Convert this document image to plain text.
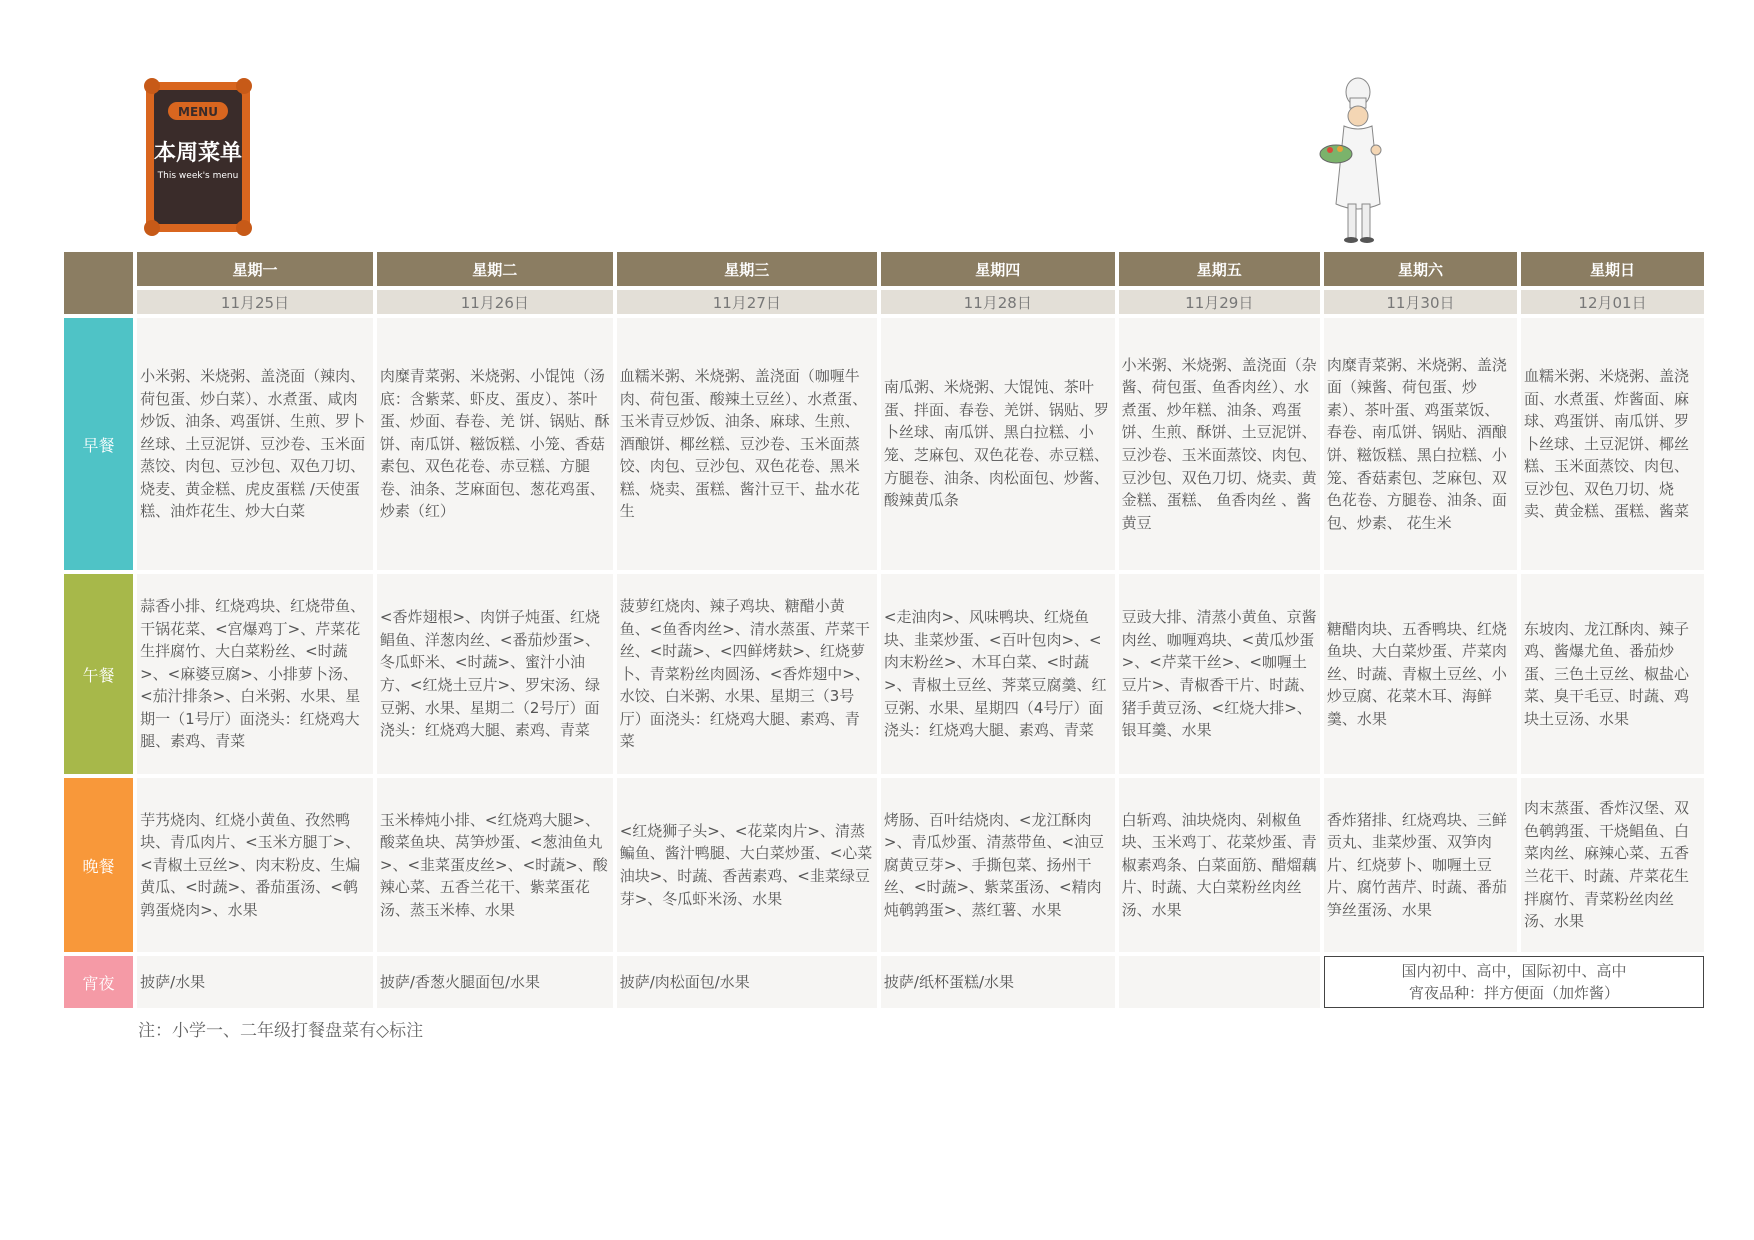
MENU
本周菜单
This week's menu
	星期一	星期二	星期三	星期四	星期五	星期六	星期日
	11月25日	11月26日	11月27日	11月28日	11月29日	11月30日	12月01日
早餐	小米粥、米烧粥、盖浇面（辣肉、荷包蛋、炒白菜）、水煮蛋、咸肉炒饭、油条、鸡蛋饼、生煎、罗卜丝球、土豆泥饼、豆沙卷、玉米面蒸饺、肉包、豆沙包、双色刀切、烧麦、黄金糕、虎皮蛋糕 /天使蛋糕、油炸花生、炒大白菜	肉糜青菜粥、米烧粥、小馄饨（汤底：含紫菜、虾皮、蛋皮）、茶叶蛋、炒面、春卷、羌 饼、锅贴、酥饼、南瓜饼、糍饭糕、小笼、香菇素包、双色花卷、赤豆糕、方腿卷、油条、芝麻面包、葱花鸡蛋、炒素（红）	血糯米粥、米烧粥、盖浇面（咖喱牛肉、荷包蛋、酸辣土豆丝）、水煮蛋、玉米青豆炒饭、油条、麻球、生煎、酒酿饼、椰丝糕、豆沙卷、玉米面蒸饺、肉包、豆沙包、双色花卷、黑米糕、烧卖、蛋糕、酱汁豆干、盐水花生	南瓜粥、米烧粥、大馄饨、茶叶蛋、拌面、春卷、羌饼、锅贴、罗卜丝球、南瓜饼、黑白拉糕、小笼、芝麻包、双色花卷、赤豆糕、方腿卷、油条、肉松面包、炒酱、酸辣黄瓜条	小米粥、米烧粥、盖浇面（杂酱、荷包蛋、鱼香肉丝）、水煮蛋、炒年糕、油条、鸡蛋饼、生煎、酥饼、土豆泥饼、豆沙卷、玉米面蒸饺、肉包、豆沙包、双色刀切、烧卖、黄金糕、蛋糕、 鱼香肉丝 、酱黄豆	肉糜青菜粥、米烧粥、盖浇面（辣酱、荷包蛋、炒素）、茶叶蛋、鸡蛋菜饭、春卷、南瓜饼、锅贴、酒酿饼、糍饭糕、黑白拉糕、小笼、香菇素包、芝麻包、双色花卷、方腿卷、油条、面包、炒素、 花生米	血糯米粥、米烧粥、盖浇面、水煮蛋、炸酱面、麻球、鸡蛋饼、南瓜饼、罗卜丝球、土豆泥饼、椰丝糕、玉米面蒸饺、肉包、豆沙包、双色刀切、烧卖、黄金糕、蛋糕、酱菜
午餐	蒜香小排、红烧鸡块、红烧带鱼、干锅花菜、<宫爆鸡丁>、芹菜花生拌腐竹、大白菜粉丝、<时蔬>、<麻婆豆腐>、小排萝卜汤、<茄汁排条>、白米粥、水果、星期一（1号厅）面浇头：红烧鸡大腿、素鸡、青菜	<香炸翅根>、肉饼子炖蛋、红烧鲳鱼、洋葱肉丝、<番茄炒蛋>、冬瓜虾米、<时蔬>、蜜汁小油方、<红烧土豆片>、罗宋汤、绿豆粥、水果、星期二（2号厅）面浇头：红烧鸡大腿、素鸡、青菜	菠萝红烧肉、辣子鸡块、糖醋小黄鱼、<鱼香肉丝>、清水蒸蛋、芹菜干丝、<时蔬>、<四鲜烤麸>、红烧萝卜、青菜粉丝肉圆汤、<香炸翅中>、水饺、白米粥、水果、星期三（3号厅）面浇头：红烧鸡大腿、素鸡、青菜	<走油肉>、风味鸭块、红烧鱼块、韭菜炒蛋、<百叶包肉>、<肉末粉丝>、木耳白菜、<时蔬>、青椒土豆丝、荠菜豆腐羹、红豆粥、水果、星期四（4号厅）面浇头：红烧鸡大腿、素鸡、青菜	豆豉大排、清蒸小黄鱼、京酱肉丝、咖喱鸡块、<黄瓜炒蛋>、<芹菜干丝>、<咖喱土豆片>、青椒香干片、时蔬、猪手黄豆汤、<红烧大排>、银耳羹、水果	糖醋肉块、五香鸭块、红烧鱼块、大白菜炒蛋、芹菜肉丝、时蔬、青椒土豆丝、小炒豆腐、花菜木耳、海鲜羹、水果	东坡肉、龙江酥肉、辣子鸡、酱爆尤鱼、番茄炒蛋、三色土豆丝、椒盐心菜、臭干毛豆、时蔬、鸡块土豆汤、水果
晚餐	芋艿烧肉、红烧小黄鱼、孜然鸭块、青瓜肉片、<玉米方腿丁>、<青椒土豆丝>、肉末粉皮、生煸黄瓜、<时蔬>、番茄蛋汤、<鹌鹑蛋烧肉>、水果	玉米棒炖小排、<红烧鸡大腿>、酸菜鱼块、莴笋炒蛋、<葱油鱼丸>、<韭菜蛋皮丝>、<时蔬>、酸辣心菜、五香兰花干、紫菜蛋花汤、蒸玉米棒、水果	<红烧狮子头>、<花菜肉片>、清蒸鳊鱼、酱汁鸭腿、大白菜炒蛋、<心菜油块>、时蔬、香茜素鸡、<韭菜绿豆芽>、冬瓜虾米汤、水果	烤肠、百叶结烧肉、<龙江酥肉>、青瓜炒蛋、清蒸带鱼、<油豆腐黄豆芽>、手撕包菜、扬州干丝、<时蔬>、紫菜蛋汤、<精肉炖鹌鹑蛋>、蒸红薯、水果	白斩鸡、油块烧肉、剁椒鱼块、玉米鸡丁、花菜炒蛋、青椒素鸡条、白菜面筋、醋熘藕片、时蔬、大白菜粉丝肉丝汤、水果	香炸猪排、红烧鸡块、三鲜贡丸、韭菜炒蛋、双笋肉片、红烧萝卜、咖喱土豆片、腐竹茜芹、时蔬、番茄笋丝蛋汤、水果	肉末蒸蛋、香炸汉堡、双色鹌鹑蛋、干烧鲳鱼、白菜肉丝、麻辣心菜、五香兰花干、时蔬、芹菜花生拌腐竹、青菜粉丝肉丝汤、水果
宵夜	披萨/水果	披萨/香葱火腿面包/水果	披萨/肉松面包/水果	披萨/纸杯蛋糕/水果		国内初中、高中，国际初中、高中
宵夜品种：拌方便面（加炸酱）	
注：小学一、二年级打餐盘菜有◇标注
